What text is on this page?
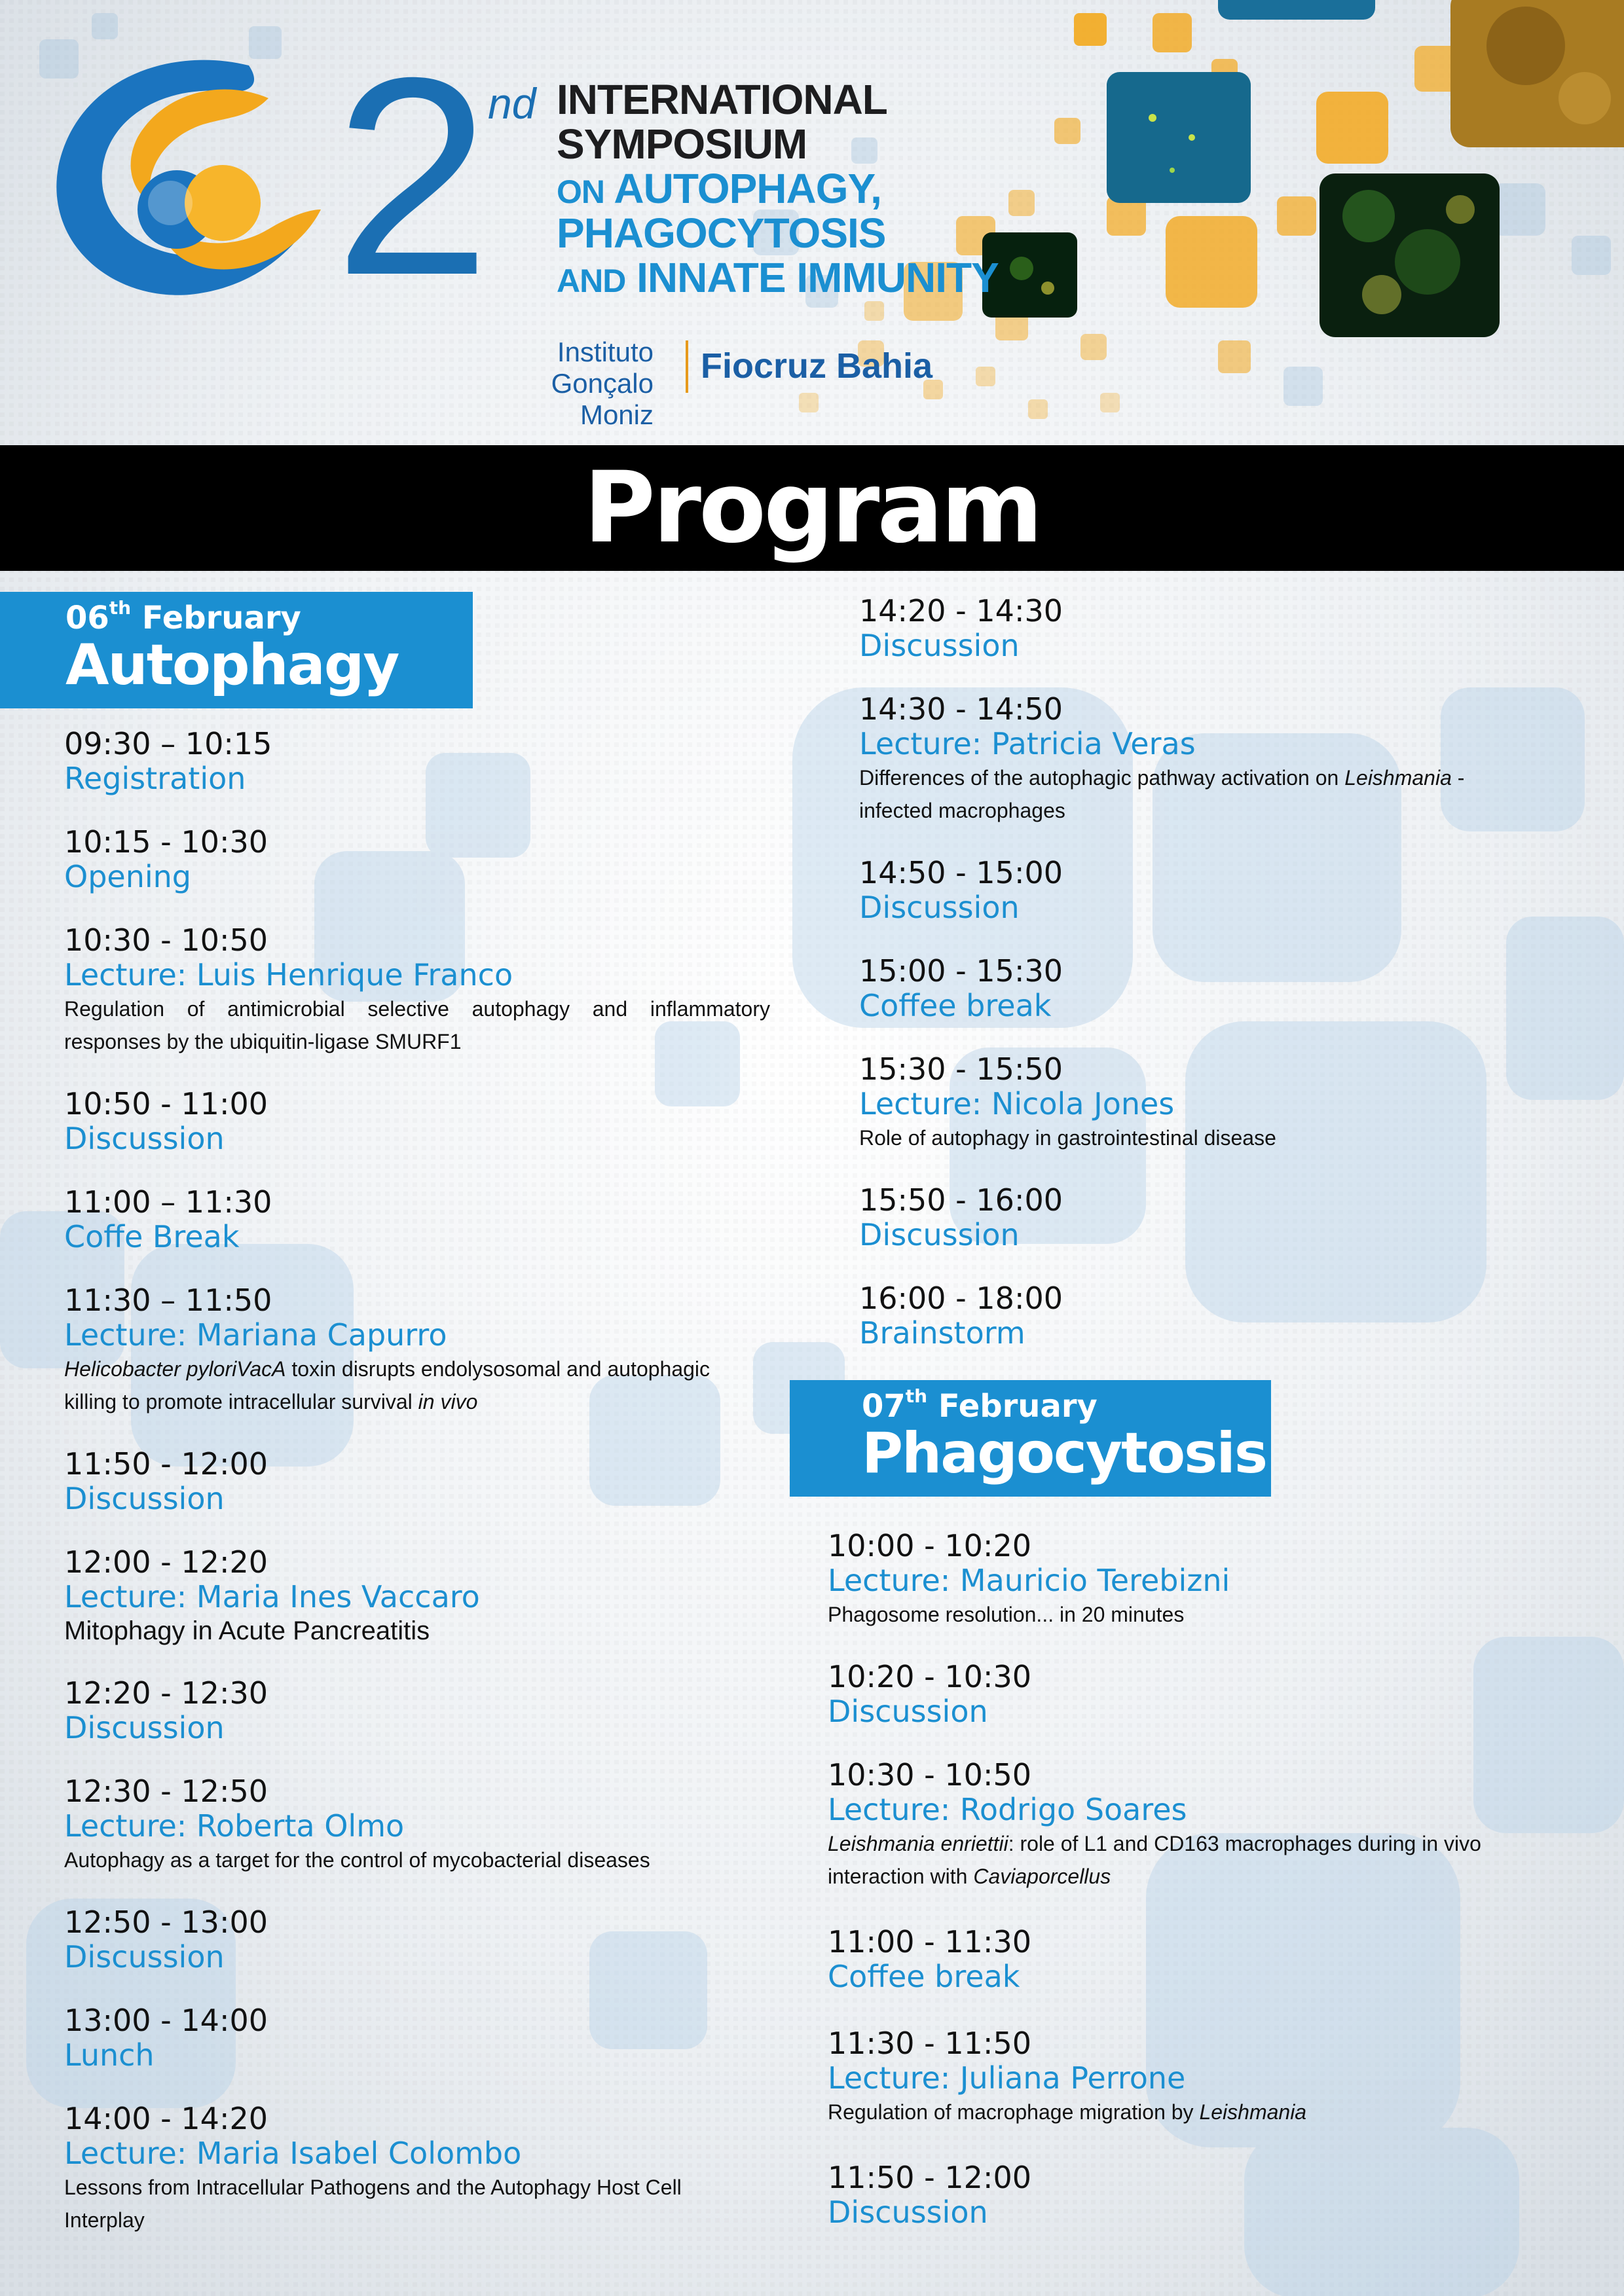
2 nd INTERNATIONAL
SYMPOSIUM
ON AUTOPHAGY,
PHAGOCYTOSIS
AND INNATE IMMUNITY
Instituto
Gonçalo Moniz
Fiocruz Bahia
Program
06th February
Autophagy
09:30 – 10:15
Registration
10:15 - 10:30
Opening
10:30 - 10:50
Lecture: Luis Henrique Franco
Regulation of antimicrobial selective autophagy and inflammatory responses by the ubiquitin-ligase SMURF1
10:50 - 11:00
Discussion
11:00 – 11:30
Coffe Break
11:30 – 11:50
Lecture: Mariana Capurro
Helicobacter pyloriVacA toxin disrupts endolysosomal and autophagic killing to promote intracellular survival in vivo
11:50 - 12:00
Discussion
12:00 - 12:20
Lecture: Maria Ines Vaccaro
Mitophagy in Acute Pancreatitis
12:20 - 12:30
Discussion
12:30 - 12:50
Lecture: Roberta Olmo
Autophagy as a target for the control of mycobacterial diseases
12:50 - 13:00
Discussion
13:00 - 14:00
Lunch
14:00 - 14:20
Lecture: Maria Isabel Colombo
Lessons from Intracellular Pathogens and the Autophagy Host Cell Interplay
14:20 - 14:30
Discussion
14:30 - 14:50
Lecture: Patricia Veras
Differences of the autophagic pathway activation on Leishmania -infected macrophages
14:50 - 15:00
Discussion
15:00 - 15:30
Coffee break
15:30 - 15:50
Lecture: Nicola Jones
Role of autophagy in gastrointestinal disease
15:50 - 16:00
Discussion
16:00 - 18:00
Brainstorm
07th February
Phagocytosis
10:00 - 10:20
Lecture: Mauricio Terebizni
Phagosome resolution... in 20 minutes
10:20 - 10:30
Discussion
10:30 - 10:50
Lecture: Rodrigo Soares
Leishmania enriettii: role of L1 and CD163 macrophages during in vivo interaction with Caviaporcellus
11:00 - 11:30
Coffee break
11:30 - 11:50
Lecture: Juliana Perrone
Regulation of macrophage migration by Leishmania
11:50 - 12:00
Discussion
